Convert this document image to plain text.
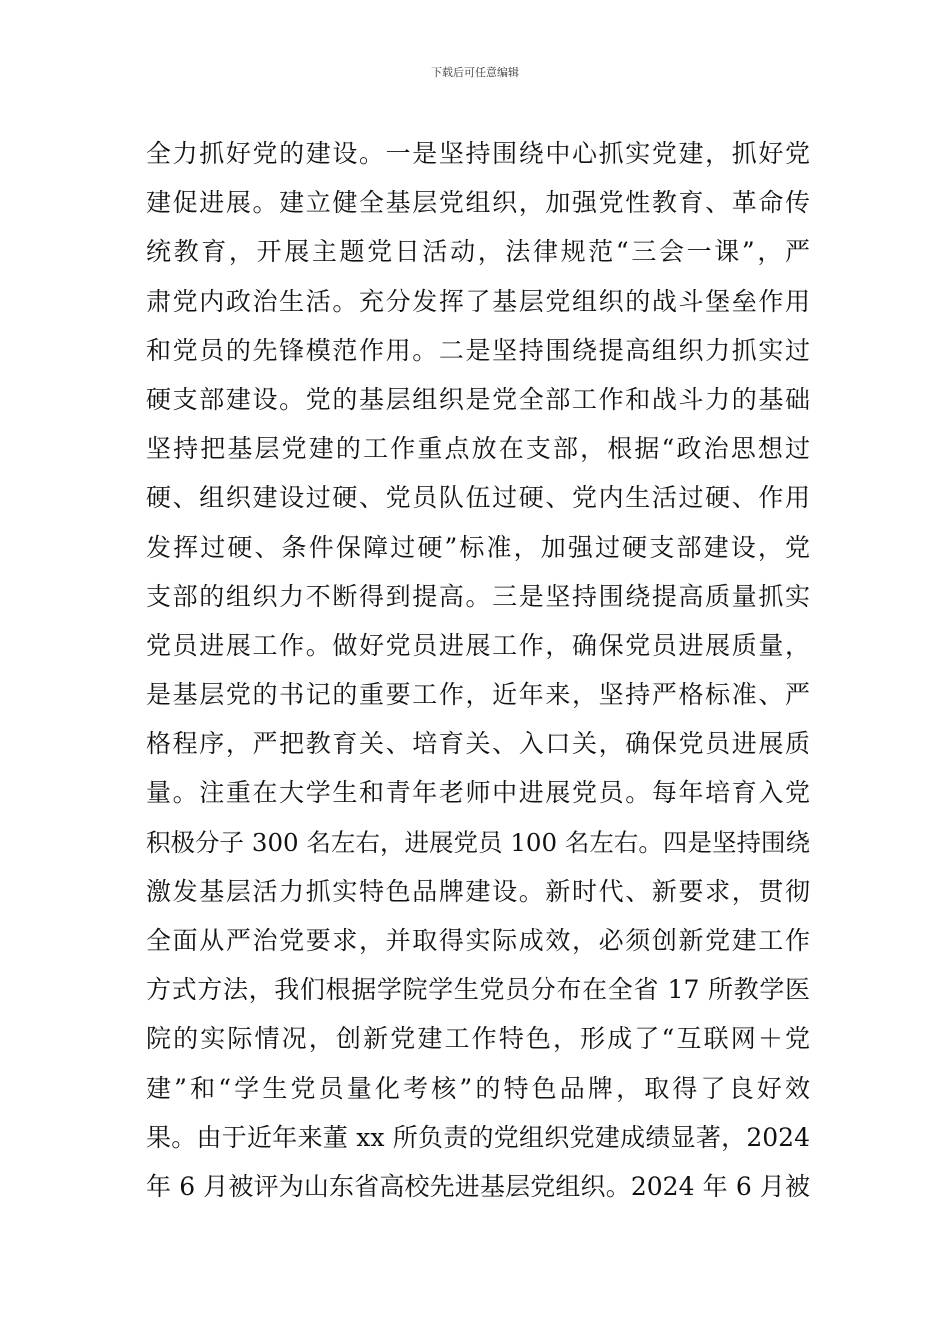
下载后可任意编辑
全力抓好党的建设。一是坚持围绕中心抓实党建，抓好党
建促进展。建立健全基层党组织，加强党性教育、革命传
统教育，开展主题党日活动，法律规范“三会一课”，严
肃党内政治生活。充分发挥了基层党组织的战斗堡垒作用
和党员的先锋模范作用。二是坚持围绕提高组织力抓实过
硬支部建设。党的基层组织是党全部工作和战斗力的基础
坚持把基层党建的工作重点放在支部，根据“政治思想过
硬、组织建设过硬、党员队伍过硬、党内生活过硬、作用
发挥过硬、条件保障过硬”标准，加强过硬支部建设，党
支部的组织力不断得到提高。三是坚持围绕提高质量抓实
党员进展工作。做好党员进展工作，确保党员进展质量，
是基层党的书记的重要工作，近年来，坚持严格标准、严
格程序，严把教育关、培育关、入口关，确保党员进展质
量。注重在大学生和青年老师中进展党员。每年培育入党
积极分子 300 名左右，进展党员 100 名左右。四是坚持围绕
激发基层活力抓实特色品牌建设。新时代、新要求，贯彻
全面从严治党要求，并取得实际成效，必须创新党建工作
方式方法，我们根据学院学生党员分布在全省 17 所教学医
院的实际情况，创新党建工作特色，形成了“互联网＋党
建”和“学生党员量化考核”的特色品牌，取得了良好效
果。由于近年来董 xx 所负责的党组织党建成绩显著，2024
年 6 月被评为山东省高校先进基层党组织。2024 年 6 月被
